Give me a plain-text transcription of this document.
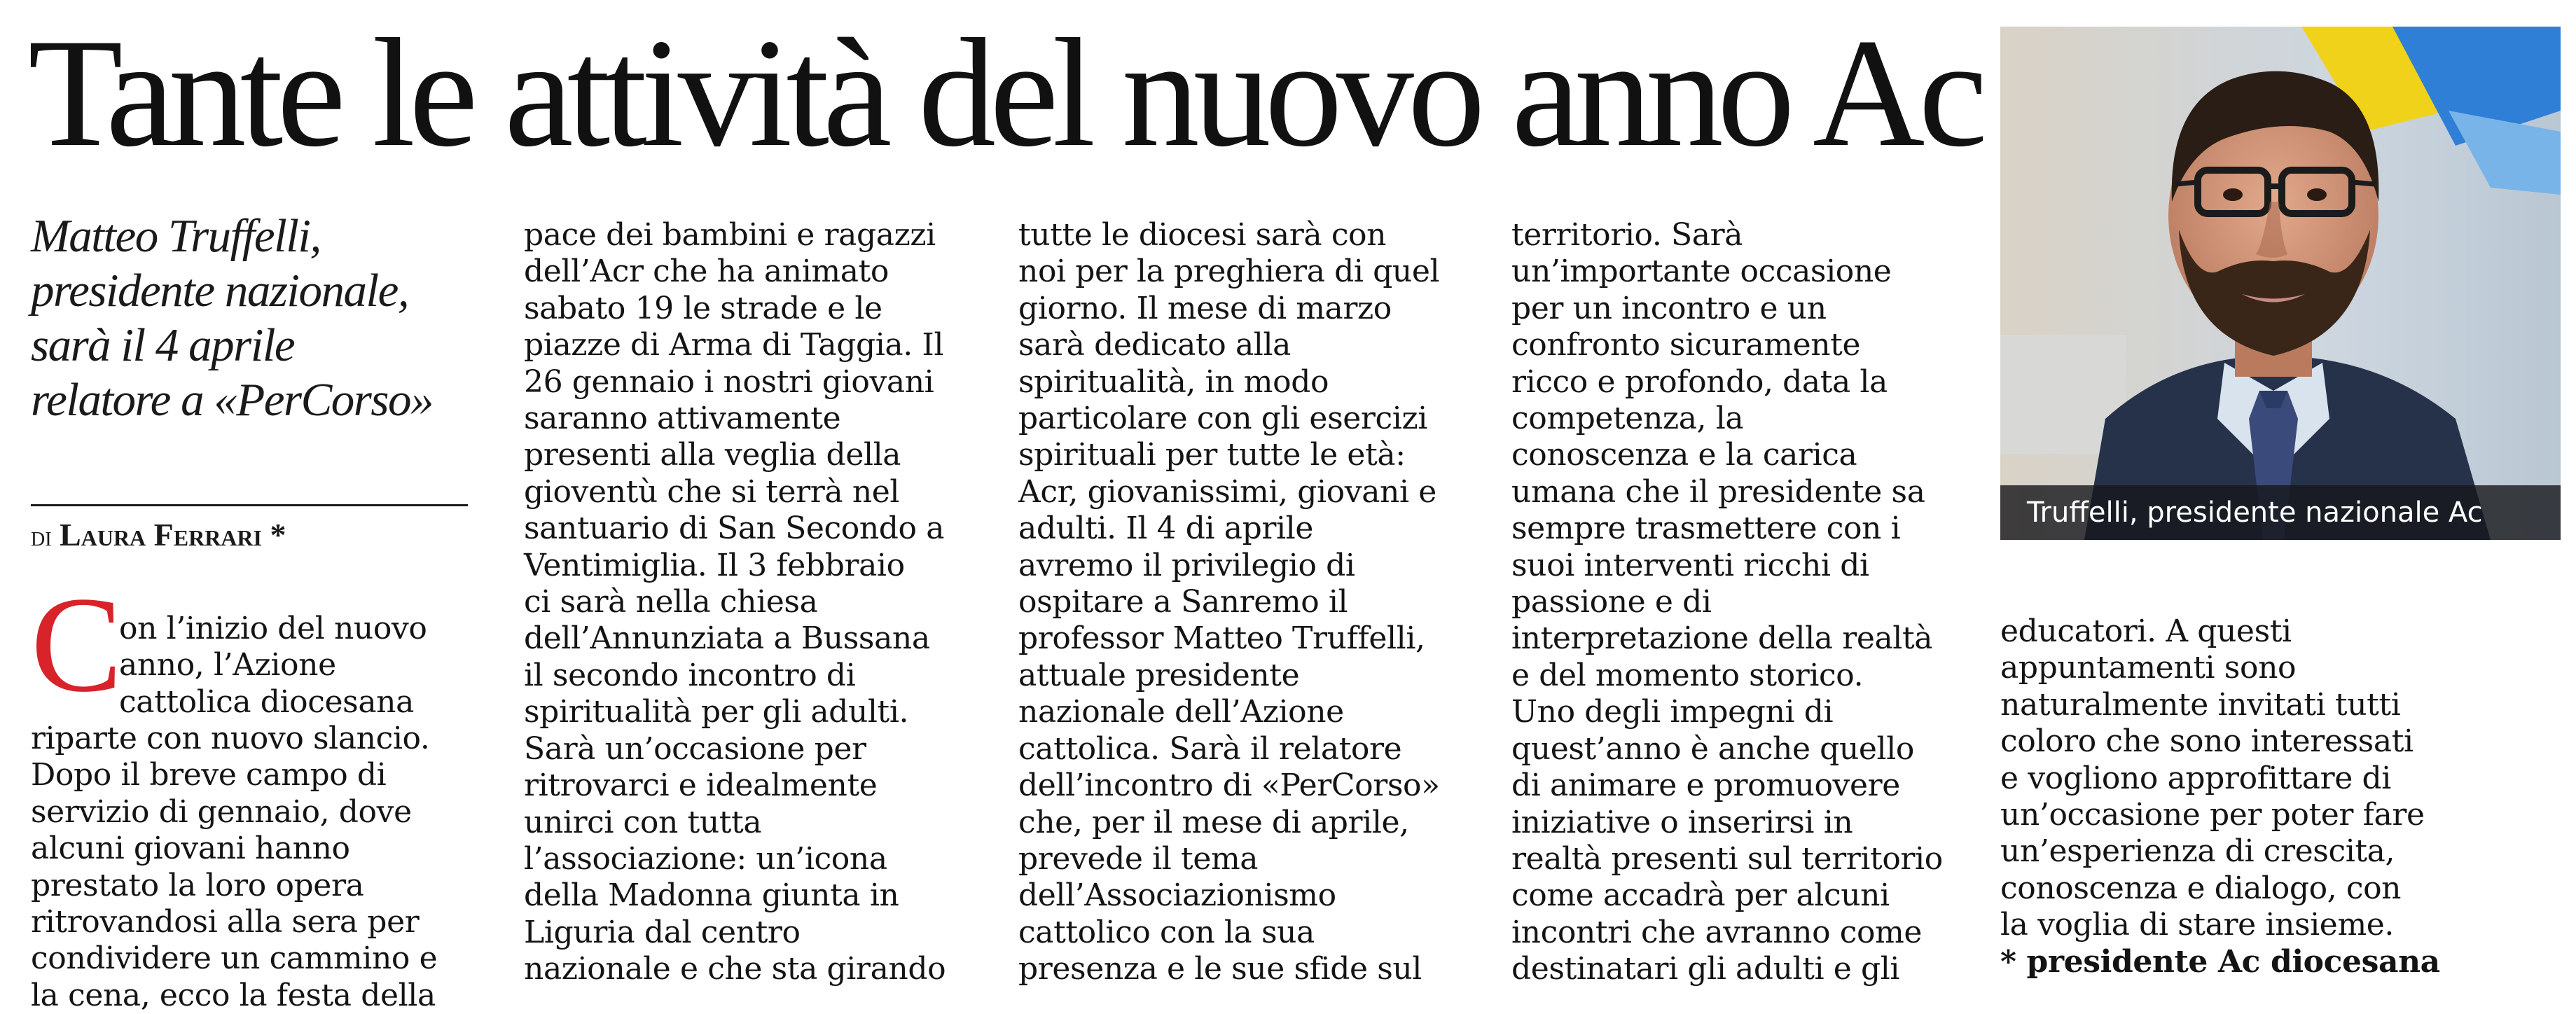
Tante le attività del nuovo anno Ac
Matteo Truffelli,
presidente nazionale,
sarà il 4 aprile
relatore a «PerCorso»
di Laura Ferrari *
C
on l’inizio del nuovo
anno, l’Azione
cattolica diocesana
riparte con nuovo slancio.
Dopo il breve campo di
servizio di gennaio, dove
alcuni giovani hanno
prestato la loro opera
ritrovandosi alla sera per
condividere un cammino e
la cena, ecco la festa della
pace dei bambini e ragazzi
dell’Acr che ha animato
sabato 19 le strade e le
piazze di Arma di Taggia. Il
26 gennaio i nostri giovani
saranno attivamente
presenti alla veglia della
gioventù che si terrà nel
santuario di San Secondo a
Ventimiglia. Il 3 febbraio
ci sarà nella chiesa
dell’Annunziata a Bussana
il secondo incontro di
spiritualità per gli adulti.
Sarà un’occasione per
ritrovarci e idealmente
unirci con tutta
l’associazione: un’icona
della Madonna giunta in
Liguria dal centro
nazionale e che sta girando
tutte le diocesi sarà con
noi per la preghiera di quel
giorno. Il mese di marzo
sarà dedicato alla
spiritualità, in modo
particolare con gli esercizi
spirituali per tutte le età:
Acr, giovanissimi, giovani e
adulti. Il 4 di aprile
avremo il privilegio di
ospitare a Sanremo il
professor Matteo Truffelli,
attuale presidente
nazionale dell’Azione
cattolica. Sarà il relatore
dell’incontro di «PerCorso»
che, per il mese di aprile,
prevede il tema
dell’Associazionismo
cattolico con la sua
presenza e le sue sfide sul
territorio. Sarà
un’importante occasione
per un incontro e un
confronto sicuramente
ricco e profondo, data la
competenza, la
conoscenza e la carica
umana che il presidente sa
sempre trasmettere con i
suoi interventi ricchi di
passione e di
interpretazione della realtà
e del momento storico.
Uno degli impegni di
quest’anno è anche quello
di animare e promuovere
iniziative o inserirsi in
realtà presenti sul territorio
come accadrà per alcuni
incontri che avranno come
destinatari gli adulti e gli
Truffelli, presidente nazionale Ac
educatori. A questi
appuntamenti sono
naturalmente invitati tutti
coloro che sono interessati
e vogliono approfittare di
un’occasione per poter fare
un’esperienza di crescita,
conoscenza e dialogo, con
la voglia di stare insieme.
* presidente Ac diocesana
